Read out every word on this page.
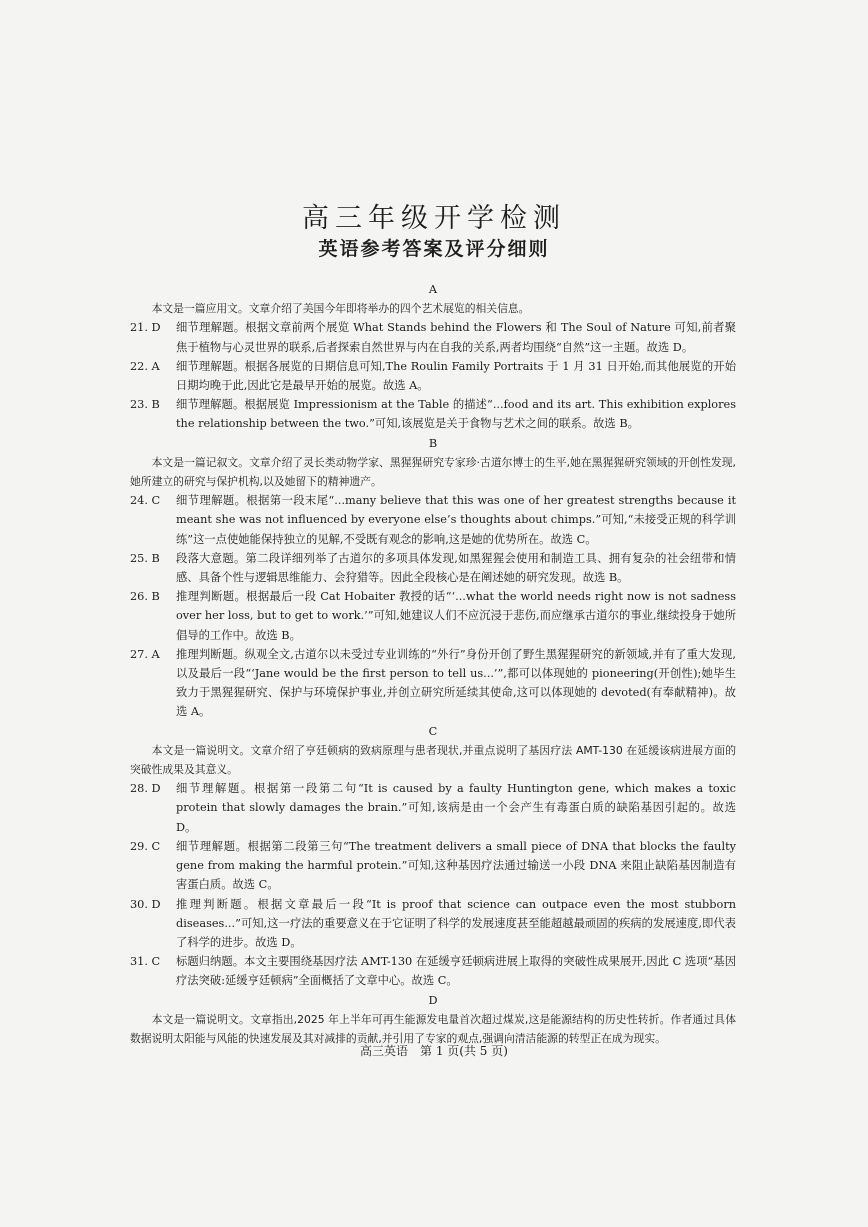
高三年级开学检测
英语参考答案及评分细则

A

本文是一篇应用文。文章介绍了美国今年即将举办的四个艺术展览的相关信息。

21. D	细节理解题。根据文章前两个展览 What Stands behind the Flowers 和 The Soul of Nature 可知,前者聚焦于植物与心灵世界的联系,后者探索自然世界与内在自我的关系,两者均围绕“自然”这一主题。故选 D。
22. A	细节理解题。根据各展览的日期信息可知,The Roulin Family Portraits 于 1 月 31 日开始,而其他展览的开始日期均晚于此,因此它是最早开始的展览。故选 A。
23. B	细节理解题。根据展览 Impressionism at the Table 的描述“...food and its art. This exhibition explores the relationship between the two.”可知,该展览是关于食物与艺术之间的联系。故选 B。

B

本文是一篇记叙文。文章介绍了灵长类动物学家、黑猩猩研究专家珍·古道尔博士的生平,她在黑猩猩研究领域的开创性发现,她所建立的研究与保护机构,以及她留下的精神遗产。

24. C	细节理解题。根据第一段末尾“...many believe that this was one of her greatest strengths because it meant she was not influenced by everyone else’s thoughts about chimps.”可知,“未接受正规的科学训练”这一点使她能保持独立的见解,不受既有观念的影响,这是她的优势所在。故选 C。
25. B	段落大意题。第二段详细列举了古道尔的多项具体发现,如黑猩猩会使用和制造工具、拥有复杂的社会纽带和情感、具备个性与逻辑思维能力、会狩猎等。因此全段核心是在阐述她的研究发现。故选 B。
26. B	推理判断题。根据最后一段 Cat Hobaiter 教授的话“‘...what the world needs right now is not sadness over her loss, but to get to work.’”可知,她建议人们不应沉浸于悲伤,而应继承古道尔的事业,继续投身于她所倡导的工作中。故选 B。
27. A	推理判断题。纵观全文,古道尔以未受过专业训练的“外行”身份开创了野生黑猩猩研究的新领域,并有了重大发现,以及最后一段“‘Jane would be the first person to tell us...’”,都可以体现她的 pioneering(开创性);她毕生致力于黑猩猩研究、保护与环境保护事业,并创立研究所延续其使命,这可以体现她的 devoted(有奉献精神)。故选 A。

C

本文是一篇说明文。文章介绍了亨廷顿病的致病原理与患者现状,并重点说明了基因疗法 AMT-130 在延缓该病进展方面的突破性成果及其意义。

28. D	细节理解题。根据第一段第二句“It is caused by a faulty Huntington gene, which makes a toxic protein that slowly damages the brain.”可知,该病是由一个会产生有毒蛋白质的缺陷基因引起的。故选 D。
29. C	细节理解题。根据第二段第三句“The treatment delivers a small piece of DNA that blocks the faulty gene from making the harmful protein.”可知,这种基因疗法通过输送一小段 DNA 来阻止缺陷基因制造有害蛋白质。故选 C。
30. D	推理判断题。根据文章最后一段“It is proof that science can outpace even the most stubborn diseases...”可知,这一疗法的重要意义在于它证明了科学的发展速度甚至能超越最顽固的疾病的发展速度,即代表了科学的进步。故选 D。
31. C	标题归纳题。本文主要围绕基因疗法 AMT-130 在延缓亨廷顿病进展上取得的突破性成果展开,因此 C 选项“基因疗法突破:延缓亨廷顿病”全面概括了文章中心。故选 C。

D

本文是一篇说明文。文章指出,2025 年上半年可再生能源发电量首次超过煤炭,这是能源结构的历史性转折。作者通过具体数据说明太阳能与风能的快速发展及其对减排的贡献,并引用了专家的观点,强调向清洁能源的转型正在成为现实。

高三英语　第 1 页(共 5 页)
